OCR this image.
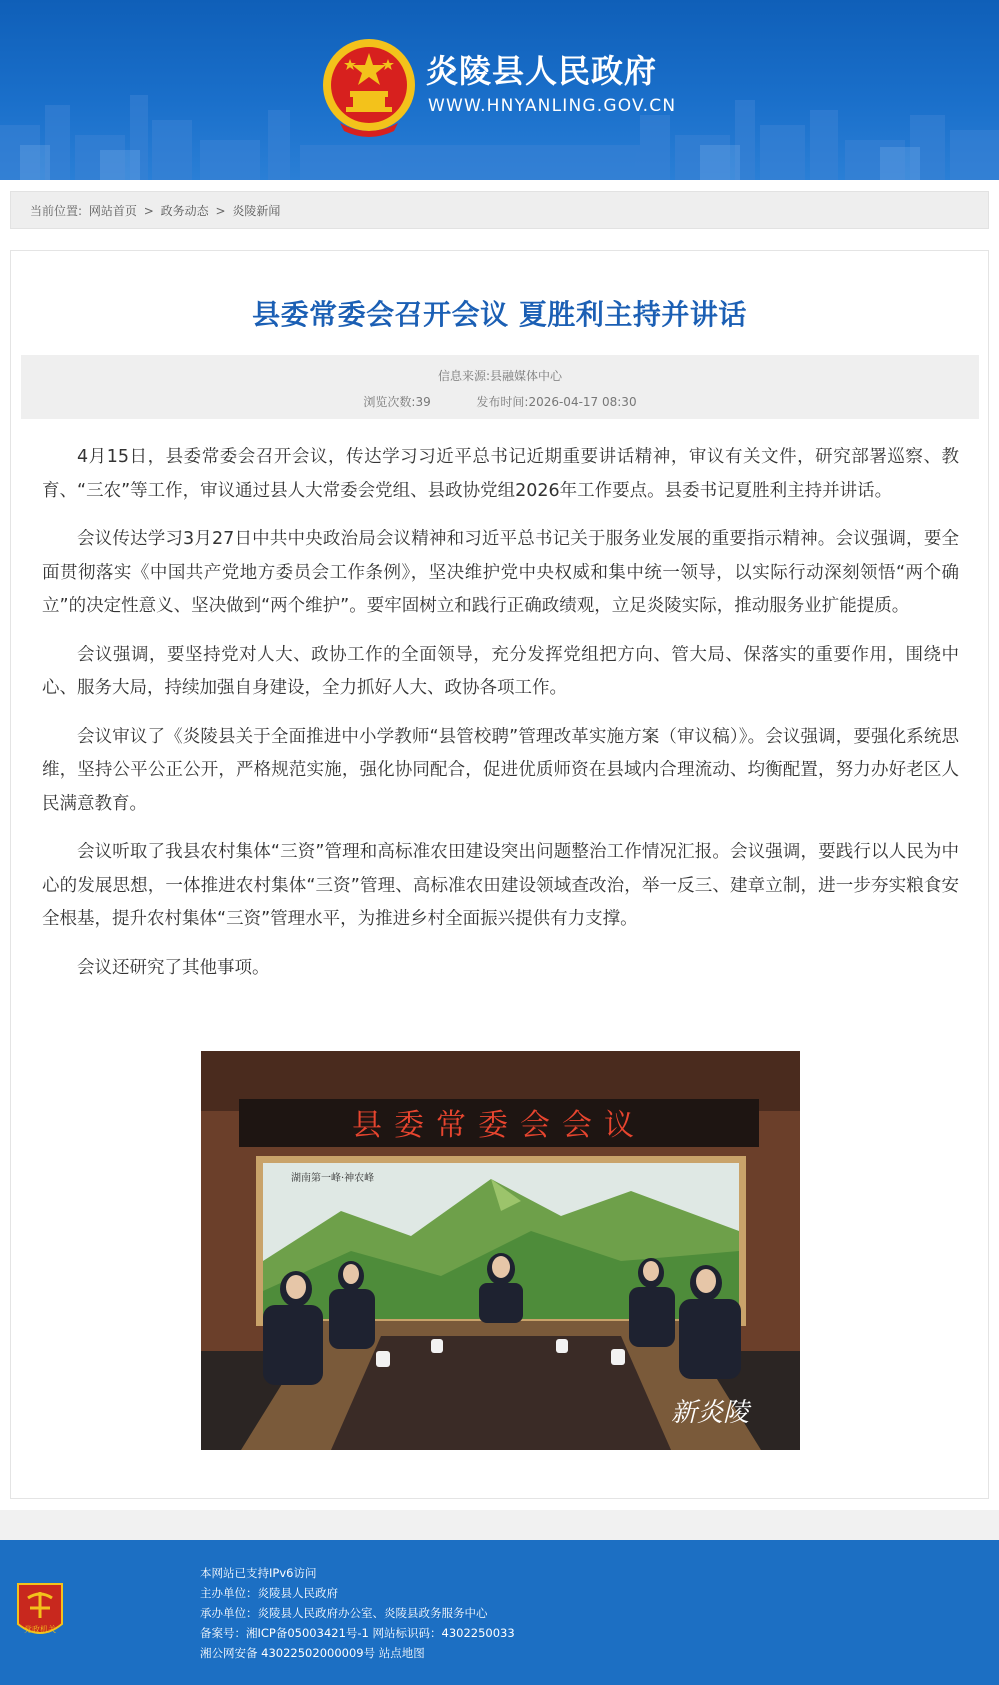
炎陵县人民政府
WWW.HNYANLING.GOV.CN
当前位置: 网站首页 > 政务动态 > 炎陵新闻
县委常委会召开会议 夏胜利主持并讲话
信息来源:县融媒体中心
浏览次数:39	发布时间:2026-04-17 08:30

4月15日，县委常委会召开会议，传达学习习近平总书记近期重要讲话精神，审议有关文件，研究部署巡察、教育、“三农”等工作，审议通过县人大常委会党组、县政协党组2026年工作要点。县委书记夏胜利主持并讲话。

会议传达学习3月27日中共中央政治局会议精神和习近平总书记关于服务业发展的重要指示精神。会议强调，要全面贯彻落实《中国共产党地方委员会工作条例》，坚决维护党中央权威和集中统一领导，以实际行动深刻领悟“两个确立”的决定性意义、坚决做到“两个维护”。要牢固树立和践行正确政绩观，立足炎陵实际，推动服务业扩能提质。

会议强调，要坚持党对人大、政协工作的全面领导，充分发挥党组把方向、管大局、保落实的重要作用，围绕中心、服务大局，持续加强自身建设，全力抓好人大、政协各项工作。

会议审议了《炎陵县关于全面推进中小学教师“县管校聘”管理改革实施方案（审议稿）》。会议强调，要强化系统思维，坚持公平公正公开，严格规范实施，强化协同配合，促进优质师资在县域内合理流动、均衡配置，努力办好老区人民满意教育。

会议听取了我县农村集体“三资”管理和高标准农田建设突出问题整治工作情况汇报。会议强调，要践行以人民为中心的发展思想，一体推进农村集体“三资”管理、高标准农田建设领域查改治，举一反三、建章立制，进一步夯实粮食安全根基，提升农村集体“三资”管理水平，为推进乡村全面振兴提供有力支撑。

会议还研究了其他事项。

县委常委会会议
湖南第一峰·神农峰
新炎陵
党政机关
本网站已支持IPv6访问
主办单位：炎陵县人民政府
承办单位：炎陵县人民政府办公室、炎陵县政务服务中心
备案号：湘ICP备05003421号-1 网站标识码：4302250033
湘公网安备 43022502000009号 站点地图
